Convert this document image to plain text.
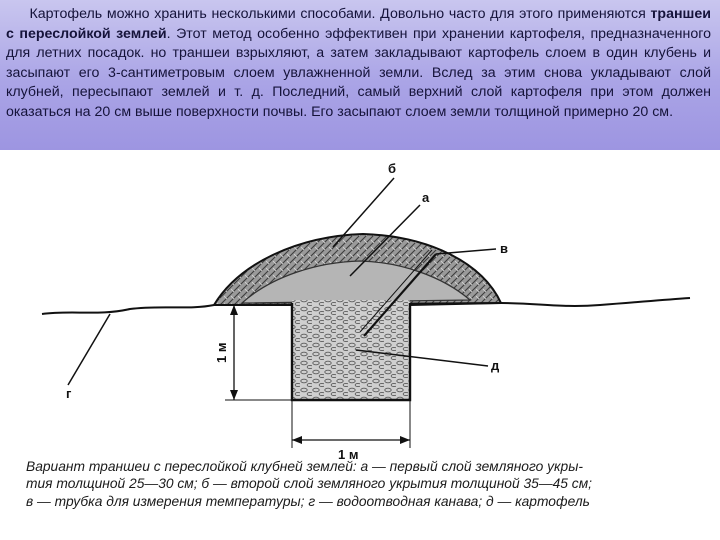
Картофель можно хранить несколькими способами. Довольно часто для этого применяются траншеи с переслойкой землей. Этот метод особенно эффективен при хранении картофеля, предназначенного для летних посадок. но траншеи взрыхляют, а затем закладывают картофель слоем в один клубень и засыпают его 3-сантиметровым слоем увлажненной земли. Вслед за этим снова укладывают слой клубней, пересыпают землей и т. д. Последний, самый верхний слой картофеля при этом должен оказаться на 20 см выше поверхности почвы. Его засыпают слоем земли толщиной примерно 20 см.

б
а
в
г
д
1 м
1 м

Вариант траншеи с переслойкой клубней землей: а — первый слой земляного укры-
тия толщиной 25—30 см; б — второй слой земляного укрытия толщиной 35—45 см;
в — трубка для измерения температуры; г — водоотводная канава; д — картофель
